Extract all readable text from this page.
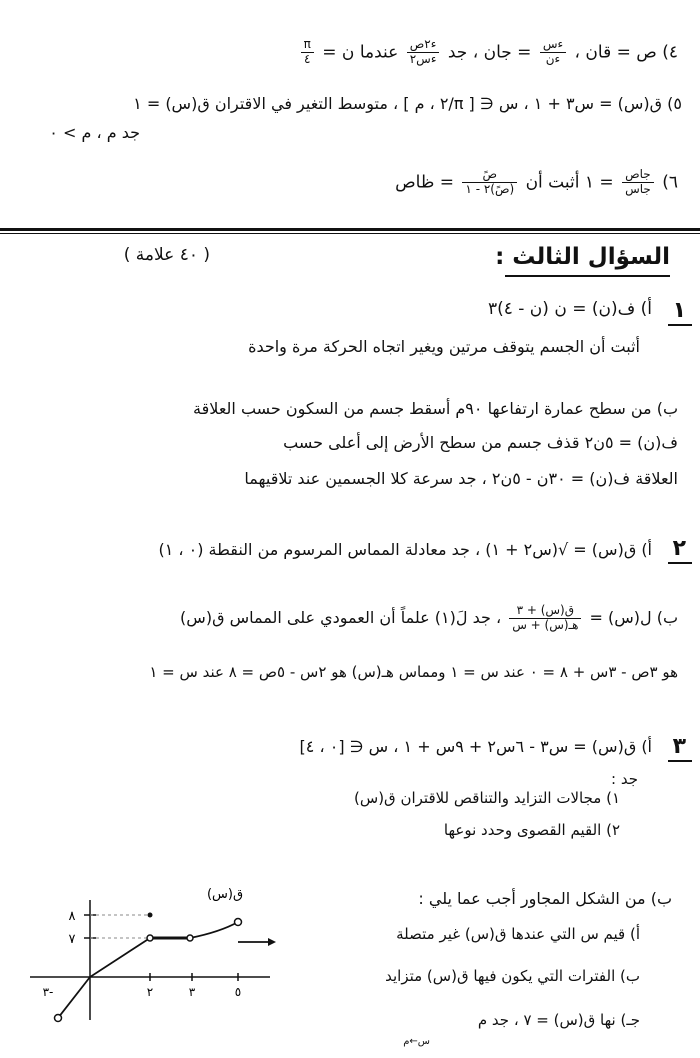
٤) ص = قان ،
$\frac{\text{ءس}}{\text{ءن}}$
= جان ، جد
$\frac{\text{ء٢ص}}{\text{ءس٢}}$
عندما ن =
$\frac{\pi}{٤}$
٥) ق(س) = س٣ + ١ ، س ∈ [ π/٢ ، م ] ، متوسط التغير في الاقتران ق(س) = ١
جد م ، م > ٠
٦)
$\frac{\text{جاص}}{\text{جاس}}$
= ١ أثبت أن
$\frac{\text{صً}}{\text{(صً)٢ - ١}}$
= ظاص
السؤال الثالث :
( ٤٠ علامة )
١
أ) ف(ن) = ن (ن - ٤)٣
أثبت أن الجسم يتوقف مرتين ويغير اتجاه الحركة مرة واحدة
ب) من سطح عمارة ارتفاعها ٩٠م أسقط جسم من السكون حسب العلاقة
ف(ن) = ٥ن٢ قذف جسم من سطح الأرض إلى أعلى حسب
العلاقة ف(ن) = ٣٠ن - ٥ن٢ ، جد سرعة كلا الجسمين عند تلاقيهما
٢
أ) ق(س) = √(س٢ + ١) ، جد معادلة المماس المرسوم من النقطة (٠ ، ١)
ب) ل(س) =
$\frac{\text{ق(س) + ٣}}{\text{هـ(س) + س}}$
، جد لَ(١) علماً أن العمودي على المماس ق(س)
هو ٣ص - ٣س + ٨ = ٠ عند س = ١ ومماس هـ(س) هو ٢س - ٥ص = ٨ عند س = ١
٣
أ) ق(س) = س٣ - ٦س٢ + ٩س + ١ ، س ∈ [٠ ، ٤]
جد :
١) مجالات التزايد والتناقص للاقتران ق(س)
٢) القيم القصوى وحدد نوعها
ب) من الشكل المجاور أجب عما يلي :
أ) قيم س التي عندها ق(س) غير متصلة
ب) الفترات التي يكون فيها ق(س) متزايد
جـ) نها ق(س) = ٧ ، جد م
س←م
٨
٧
٣-	٢	٣	٥
ق(س)
